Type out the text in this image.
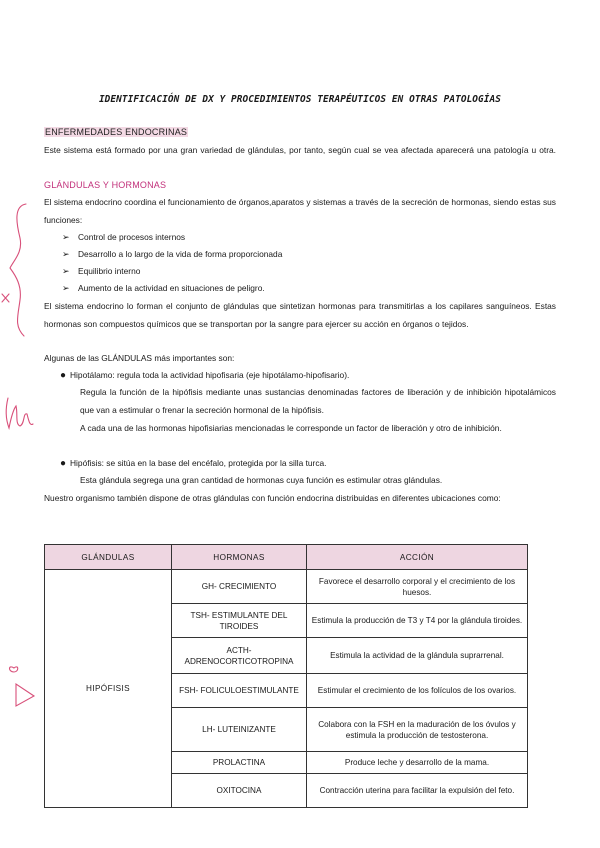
IDENTIFICACIÓN DE DX Y PROCEDIMIENTOS TERAPÉUTICOS EN OTRAS PATOLOGÍAS
ENFERMEDADES ENDOCRINAS
Este sistema está formado por una gran variedad de glándulas, por tanto, según cual se vea afectada aparecerá una patología u otra.
GLÁNDULAS Y HORMONAS
El sistema endocrino coordina el funcionamiento de órganos,aparatos y sistemas a través de la secreción de hormonas, siendo estas sus funciones:
➢ Control de procesos internos
➢ Desarrollo a lo largo de la vida de forma proporcionada
➢ Equilibrio interno
➢ Aumento de la actividad en situaciones de peligro.
El sistema endocrino lo forman el conjunto de glándulas que sintetizan hormonas para transmitirlas a los capilares sanguíneos. Estas hormonas son compuestos químicos que se transportan por la sangre para ejercer su acción en órganos o tejidos.
Algunas de las GLÁNDULAS más importantes son:
● Hipotálamo: regula toda la actividad hipofisaria (eje hipotálamo-hipofisario).
Regula la función de la hipófisis mediante unas sustancias denominadas factores de liberación y de inhibición hipotalámicos que van a estimular o frenar la secreción hormonal de la hipófisis.
A cada una de las hormonas hipofisiarias mencionadas le corresponde un factor de liberación y otro de inhibición.
● Hipófisis: se sitúa en la base del encéfalo, protegida por la silla turca.
Esta glándula segrega una gran cantidad de hormonas cuya función es estimular otras glándulas.
Nuestro organismo también dispone de otras glándulas con función endocrina distribuidas en diferentes ubicaciones como:
GLÁNDULAS	HORMONAS	ACCIÓN
HIPÓFISIS	GH- CRECIMIENTO	Favorece el desarrollo corporal y el crecimiento de los huesos.
	TSH- ESTIMULANTE DEL TIROIDES	Estimula la producción de T3 y T4 por la glándula tiroides.
	ACTH- ADRENOCORTICOTROPINA	Estimula la actividad de la glándula suprarrenal.
	FSH- FOLICULOESTIMULANTE	Estimular el crecimiento de los folículos de los ovarios.
	LH- LUTEINIZANTE	Colabora con la FSH en la maduración de los óvulos y estimula la producción de testosterona.
	PROLACTINA	Produce leche y desarrollo de la mama.
	OXITOCINA	Contracción uterina para facilitar la expulsión del feto.
